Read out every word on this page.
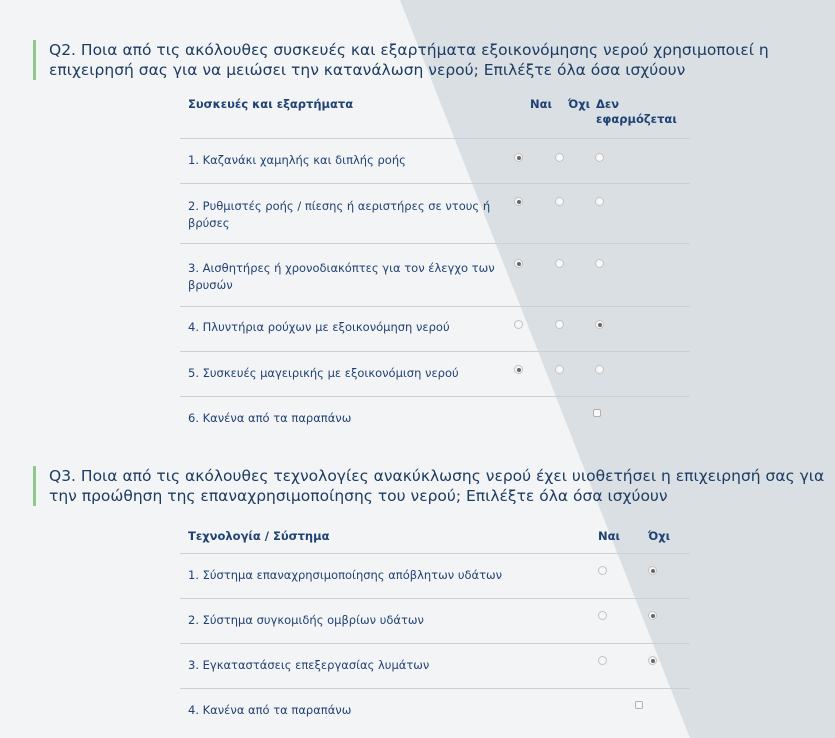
Q2. Ποια από τις ακόλουθες συσκευές και εξαρτήματα εξοικονόμησης νερού χρησιμοποιεί η επιχειρησή σας για να μειώσει την κατανάλωση νερού; Επιλέξτε όλα όσα ισχύουν
Συσκευές και εξαρτήματα	Ναι Όχι Δεν εφαρμόζεται
1. Καζανάκι χαμηλής και διπλής ροής
2. Ρυθμιστές ροής / πίεσης ή αεριστήρες σε ντους ή βρύσες
3. Αισθητήρες ή χρονοδιακόπτες για τον έλεγχο των βρυσών
4. Πλυντήρια ρούχων με εξοικονόμηση νερού
5. Συσκευές μαγειρικής με εξοικονόμιση νερού
6. Κανένα από τα παραπάνω
Q3. Ποια από τις ακόλουθες τεχνολογίες ανακύκλωσης νερού έχει υιοθετήσει η επιχειρησή σας για την προώθηση της επαναχρησιμοποίησης του νερού; Επιλέξτε όλα όσα ισχύουν
Τεχνολογία / Σύστημα	Ναι Όχι
1. Σύστημα επαναχρησιμοποίησης απόβλητων υδάτων
2. Σύστημα συγκομιδής ομβρίων υδάτων
3. Εγκαταστάσεις επεξεργασίας λυμάτων
4. Κανένα από τα παραπάνω
